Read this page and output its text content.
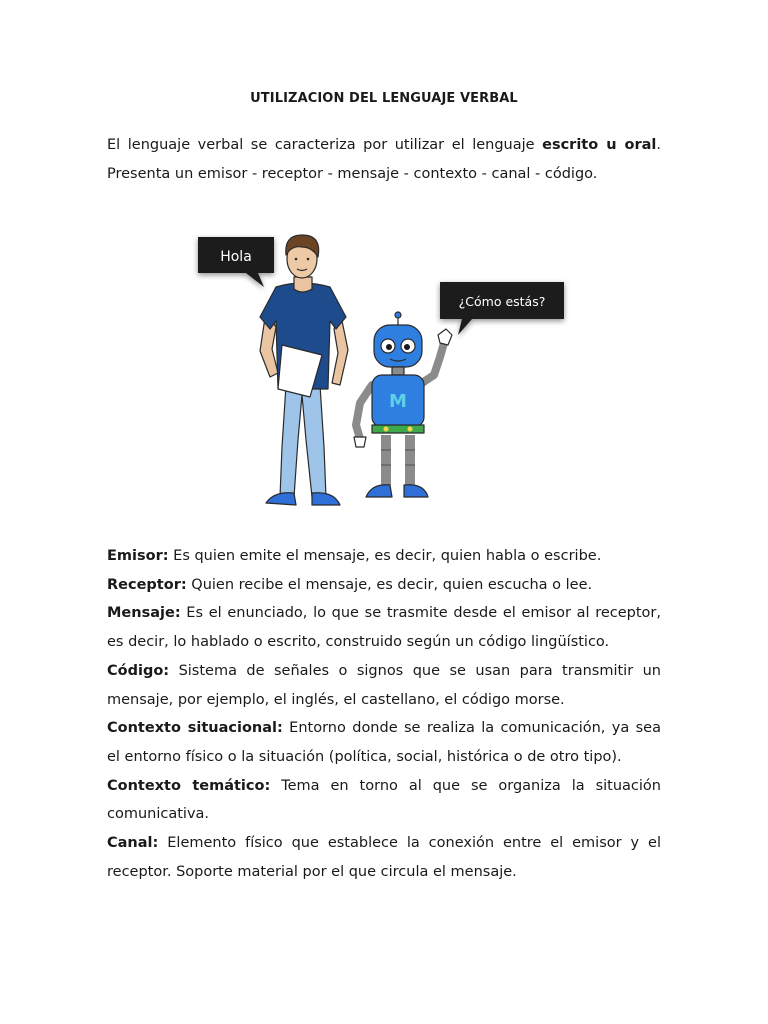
UTILIZACION DEL LENGUAJE VERBAL

El lenguaje verbal se caracteriza por utilizar el lenguaje escrito u oral. Presenta un emisor - receptor - mensaje - contexto - canal - código.

Hola
¿Cómo estás?
M

Emisor: Es quien emite el mensaje, es decir, quien habla o escribe.

Receptor: Quien recibe el mensaje, es decir, quien escucha o lee.

Mensaje: Es el enunciado, lo que se trasmite desde el emisor al receptor, es decir, lo hablado o escrito, construido según un código lingüístico.

Código: Sistema de señales o signos que se usan para transmitir un mensaje, por ejemplo, el inglés, el castellano, el código morse.

Contexto situacional: Entorno donde se realiza la comunicación, ya sea el entorno físico o la situación (política, social, histórica o de otro tipo).

Contexto temático: Tema en torno al que se organiza la situación comunicativa.

Canal: Elemento físico que establece la conexión entre el emisor y el receptor. Soporte material por el que circula el mensaje.
